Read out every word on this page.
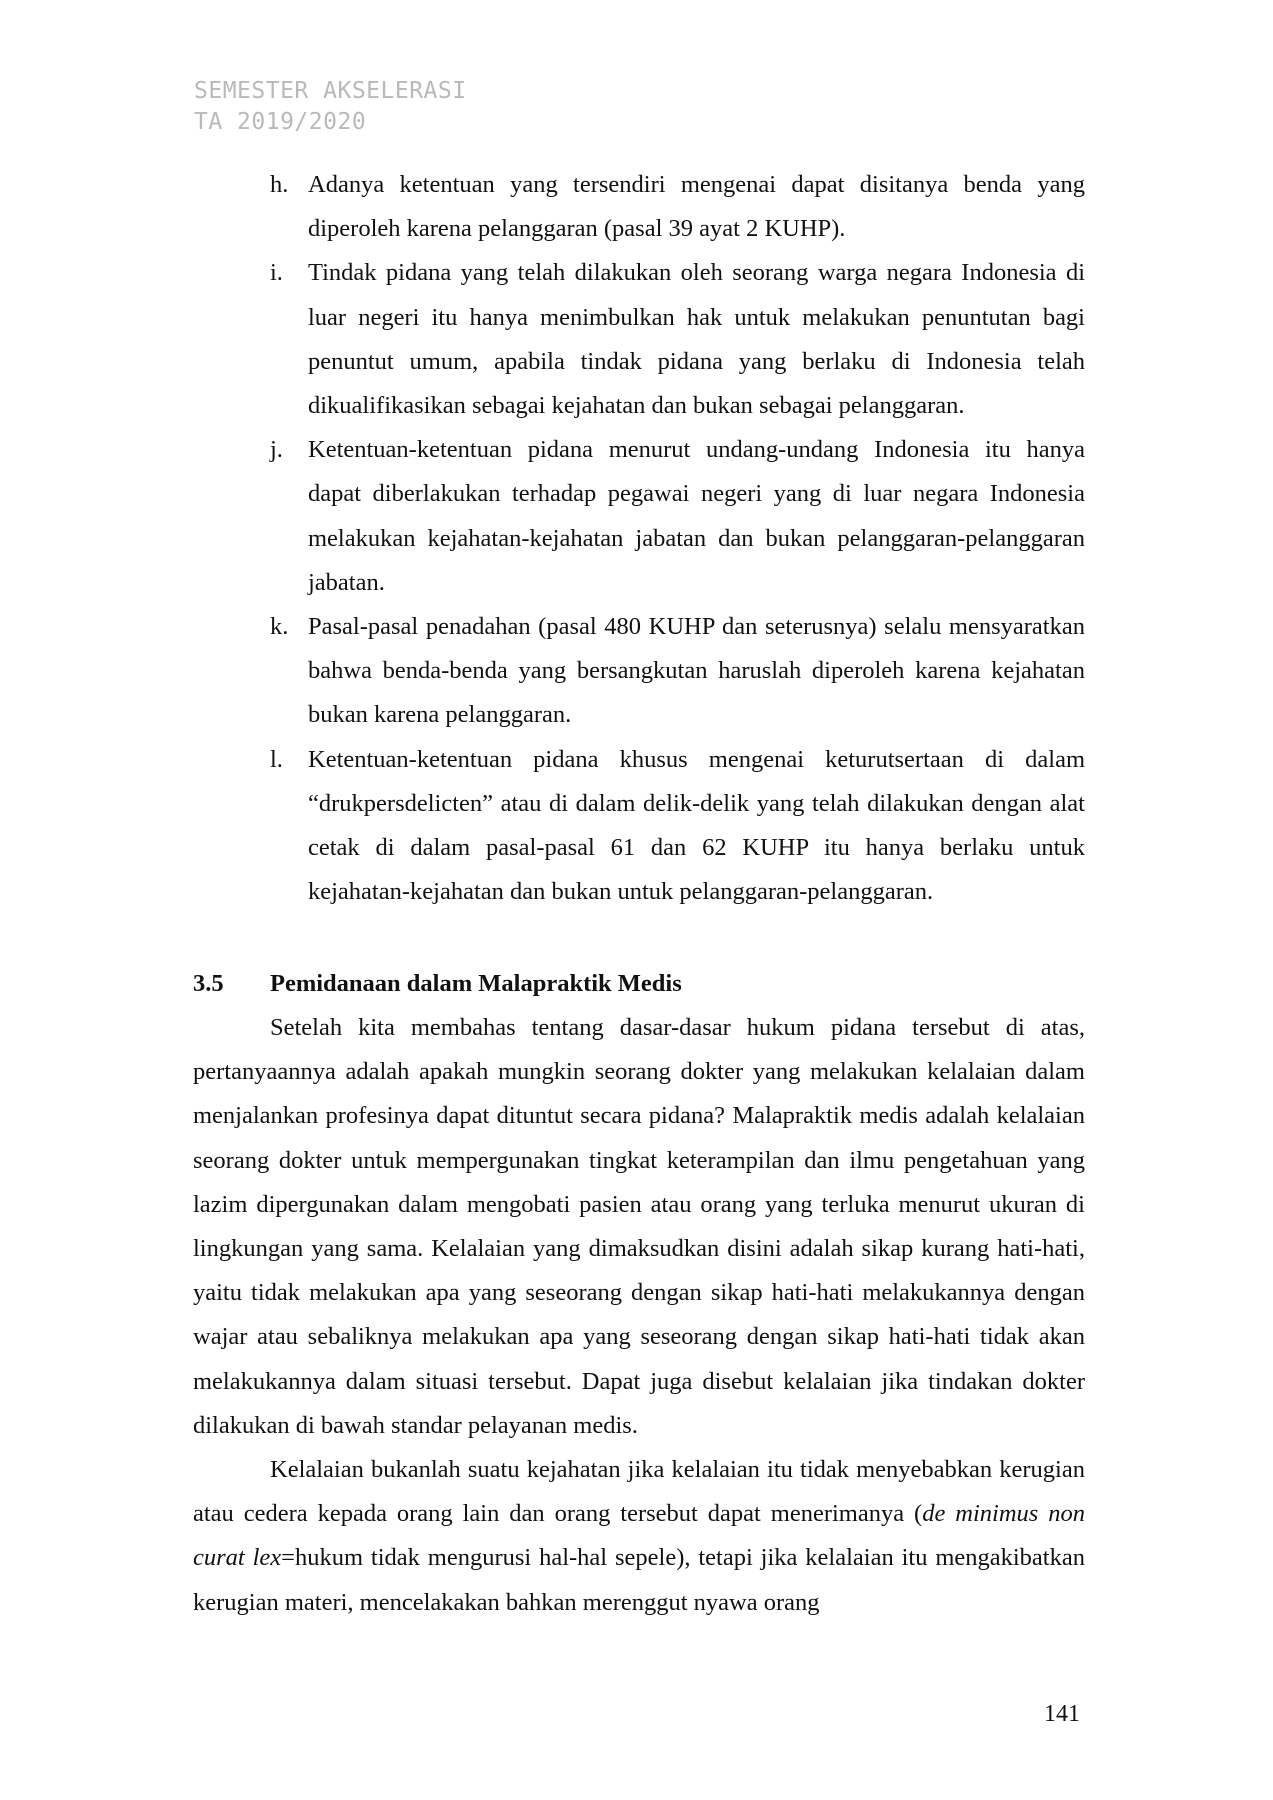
SEMESTER AKSELERASI
TA 2019/2020
h. Adanya ketentuan yang tersendiri mengenai dapat disitanya benda yang diperoleh karena pelanggaran (pasal 39 ayat 2 KUHP).
i. Tindak pidana yang telah dilakukan oleh seorang warga negara Indonesia di luar negeri itu hanya menimbulkan hak untuk melakukan penuntutan bagi penuntut umum, apabila tindak pidana yang berlaku di Indonesia telah dikualifikasikan sebagai kejahatan dan bukan sebagai pelanggaran.
j. Ketentuan-ketentuan pidana menurut undang-undang Indonesia itu hanya dapat diberlakukan terhadap pegawai negeri yang di luar negara Indonesia melakukan kejahatan-kejahatan jabatan dan bukan pelanggaran-pelanggaran jabatan.
k. Pasal-pasal penadahan (pasal 480 KUHP dan seterusnya) selalu mensyaratkan bahwa benda-benda yang bersangkutan haruslah diperoleh karena kejahatan bukan karena pelanggaran.
l. Ketentuan-ketentuan pidana khusus mengenai keturutsertaan di dalam “drukpersdelicten” atau di dalam delik-delik yang telah dilakukan dengan alat cetak di dalam pasal-pasal 61 dan 62 KUHP itu hanya berlaku untuk kejahatan-kejahatan dan bukan untuk pelanggaran-pelanggaran.
3.5 Pemidanaan dalam Malapraktik Medis

Setelah kita membahas tentang dasar-dasar hukum pidana tersebut di atas, pertanyaannya adalah apakah mungkin seorang dokter yang melakukan kelalaian dalam menjalankan profesinya dapat dituntut secara pidana? Malapraktik medis adalah kelalaian seorang dokter untuk mempergunakan tingkat keterampilan dan ilmu pengetahuan yang lazim dipergunakan dalam mengobati pasien atau orang yang terluka menurut ukuran di lingkungan yang sama. Kelalaian yang dimaksudkan disini adalah sikap kurang hati-hati, yaitu tidak melakukan apa yang seseorang dengan sikap hati-hati melakukannya dengan wajar atau sebaliknya melakukan apa yang seseorang dengan sikap hati-hati tidak akan melakukannya dalam situasi tersebut. Dapat juga disebut kelalaian jika tindakan dokter dilakukan di bawah standar pelayanan medis.

Kelalaian bukanlah suatu kejahatan jika kelalaian itu tidak menyebabkan kerugian atau cedera kepada orang lain dan orang tersebut dapat menerimanya (de minimus non curat lex=hukum tidak mengurusi hal-hal sepele), tetapi jika kelalaian itu mengakibatkan kerugian materi, mencelakakan bahkan merenggut nyawa orang

141
